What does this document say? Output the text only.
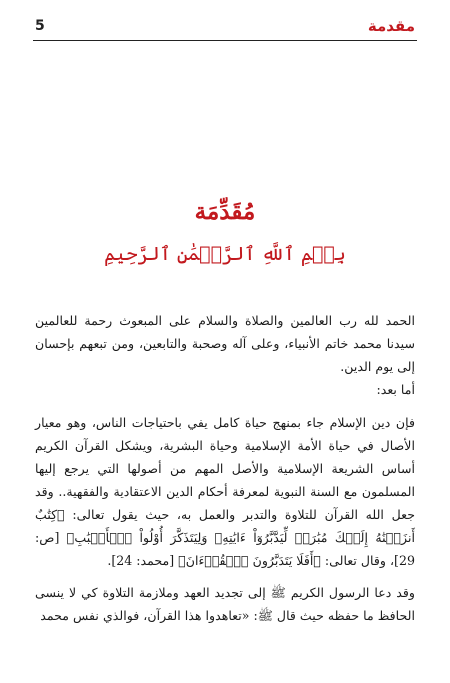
5	مقدمة
مُقَدِّمَة
بِسۡمِ ٱللَّهِ ٱلرَّحۡمَٰنِ ٱلرَّحِيمِ

الحمد لله رب العالمين والصلاة والسلام على المبعوث رحمة للعالمين سيدنا محمد خاتم الأنبياء، وعلى آله وصحبة والتابعين، ومن تبعهم بإحسان إلى يوم الدين.

أما بعد:

فإن دين الإسلام جاء بمنهج حياة كامل يفي باحتياجات الناس، وهو معيار الأصال في حياة الأمة الإسلامية وحياة البشرية، ويشكل القرآن الكريم أساس الشريعة الإسلامية والأصل المهم من أصولها التي يرجع إليها المسلمون مع السنة النبوية لمعرفة أحكام الدين الاعتقادية والفقهية.. وقد جعل الله القرآن للتلاوة والتدبر والعمل به، حيث يقول تعالى: ﴿كِتَٰبٌ أَنزَلۡنَٰهُ إِلَيۡكَ مُبَٰرَكٞ لِّيَدَّبَّرُوٓاْ ءَايَٰتِهِۦ وَلِيَتَذَكَّرَ أُوْلُواْ ٱلۡأَلۡبَٰبِ﴾ [ص: 29]، وقال تعالى: ﴿أَفَلَا يَتَدَبَّرُونَ ٱلۡقُرۡءَانَ﴾ [محمد: 24].

وقد دعا الرسول الكريم ﷺ إلى تجديد العهد وملازمة التلاوة كي لا ينسى الحافظ ما حفظه حيث قال ﷺ: «تعاهدوا هذا القرآن، فوالذي نفس محمد
